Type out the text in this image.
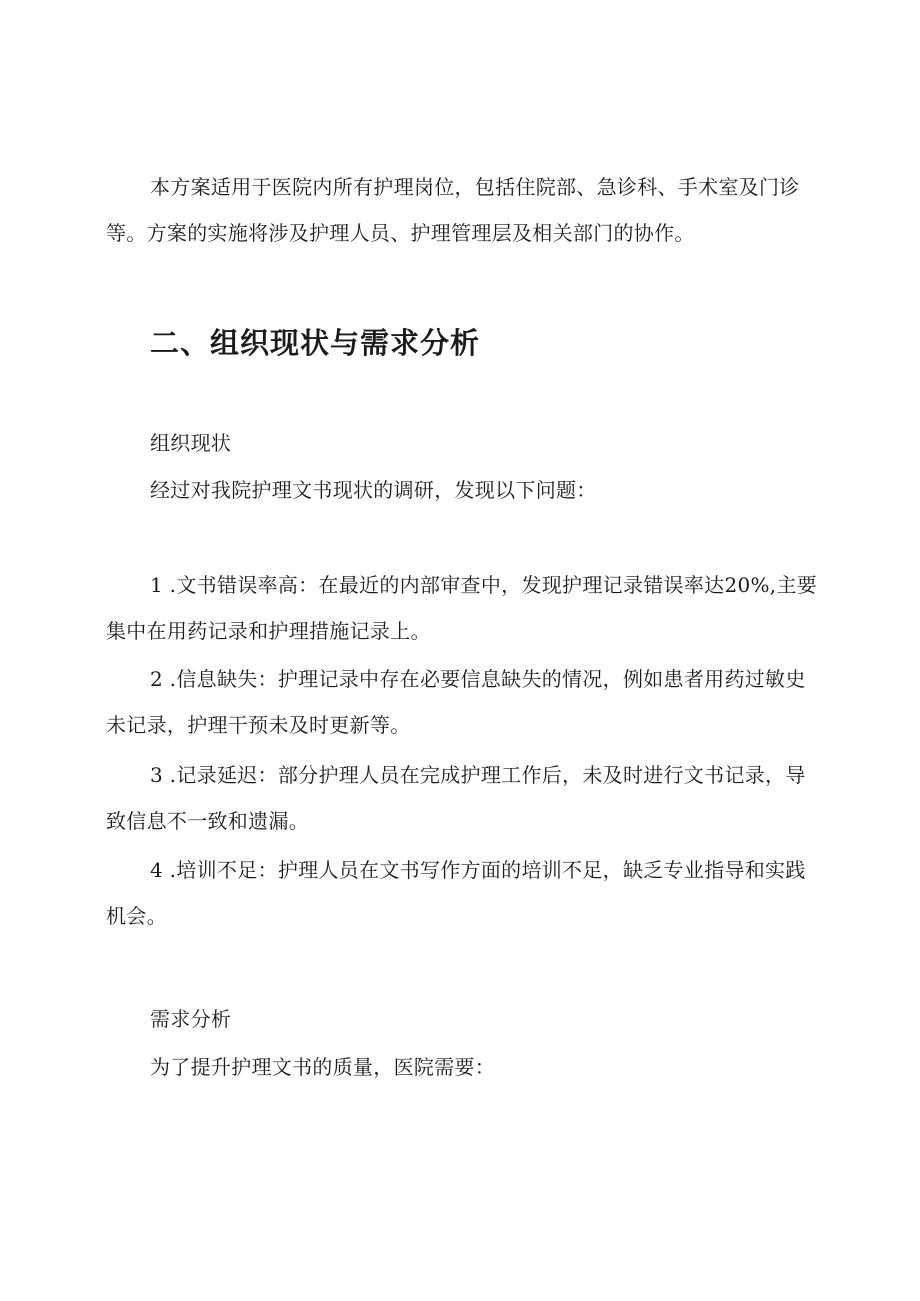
本方案适用于医院内所有护理岗位，包括住院部、急诊科、手术室及门诊等。方案的实施将涉及护理人员、护理管理层及相关部门的协作。

二、组织现状与需求分析

组织现状

经过对我院护理文书现状的调研，发现以下问题：

1 .文书错误率高：在最近的内部审查中，发现护理记录错误率达20%,主要集中在用药记录和护理措施记录上。

2 .信息缺失：护理记录中存在必要信息缺失的情况，例如患者用药过敏史未记录，护理干预未及时更新等。

3 .记录延迟：部分护理人员在完成护理工作后，未及时进行文书记录，导致信息不一致和遗漏。

4 .培训不足：护理人员在文书写作方面的培训不足，缺乏专业指导和实践机会。

需求分析

为了提升护理文书的质量，医院需要：
